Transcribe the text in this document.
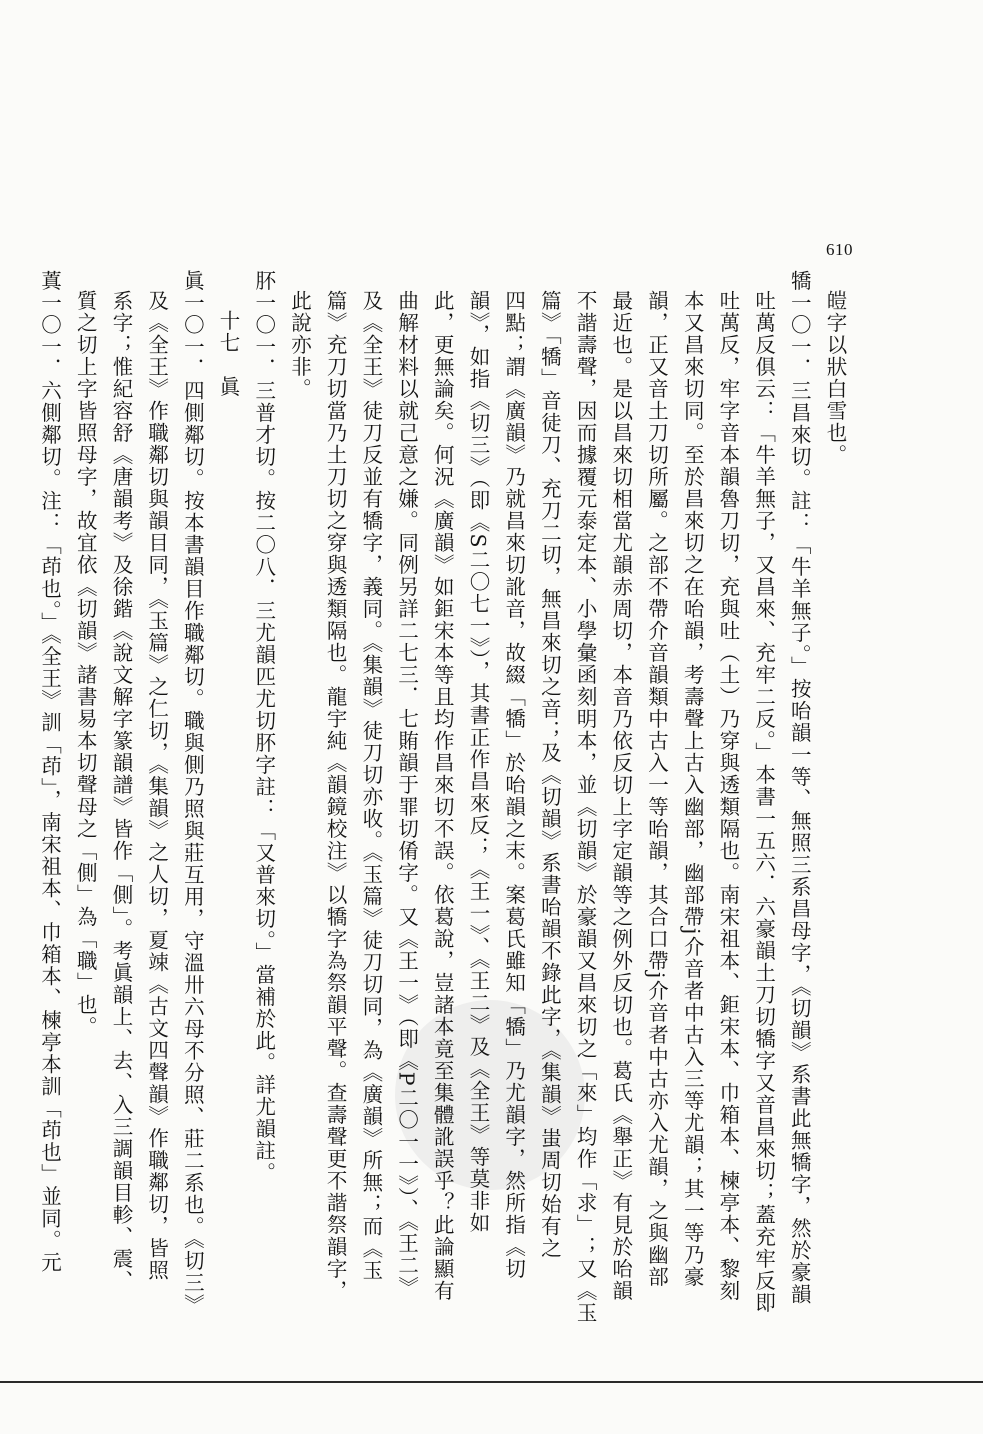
610
皚字以狀白雪也。
犞一〇一．三昌來切。註：「牛羊無子。」按咍韻一等、無照三系昌母字，《切韻》系書此無犞字，然於豪韻
吐萬反俱云：「牛羊無子，又昌來、充牢二反。」本書一五六．六豪韻土刀切犞字又音昌來切；蓋充牢反即
吐萬反，牢字音本韻魯刀切，充與吐（土）乃穿與透類隔也。南宋祖本、鉅宋本、巾箱本、楝亭本、黎刻
本又昌來切同。至於昌來切之在咍韻，考壽聲上古入幽部，幽部帶j介音者中古入三等尤韻；其一等乃豪
韻，正又音土刀切所屬。之部不帶介音韻類中古入一等咍韻，其合口帶j介音者中古亦入尤韻，之與幽部
最近也。是以昌來切相當尤韻赤周切，本音乃依反切上字定韻等之例外反切也。葛氏《舉正》有見於咍韻
不諧壽聲，因而據覆元泰定本、小學彙函刻明本，並《切韻》於豪韻又昌來切之「來」均作「求」；又《玉
篇》「犞」音徒刀、充刀二切，無昌來切之音；及《切韻》系書咍韻不錄此字，《集韻》蚩周切始有之
四點；謂《廣韻》乃就昌來切訛音，故綴「犞」於咍韻之末。案葛氏雖知「犞」乃尤韻字，然所指《切
韻》，如指《切三》（即《S二〇七一》），其書正作昌來反；《王一》、《王二》及《全王》等莫非如
此，更無論矣。何況《廣韻》如鉅宋本等且均作昌來切不誤。依葛說，豈諸本竟至集體訛誤乎？此論顯有
曲解材料以就己意之嫌。同例另詳二七三．七賄韻于罪切倄字。又《王一》（即《P二〇一一》）、《王二》
及《全王》徒刀反並有犞字，義同。《集韻》徒刀切亦收。《玉篇》徒刀切同，為《廣韻》所無；而《玉
篇》充刀切當乃土刀切之穿與透類隔也。龍宇純《韻鏡校注》以犞字為祭韻平聲。查壽聲更不諧祭韻字，
此說亦非。
肧一〇一．三普才切。按二〇八．三尤韻匹尤切肧字註：「又普來切。」當補於此。詳尤韻註。
十七　眞
眞一〇一．四側鄰切。按本書韻目作職鄰切。職與側乃照與莊互用，守溫卅六母不分照、莊二系也。《切三》
及《全王》作職鄰切與韻目同，《玉篇》之仁切，《集韻》之人切，夏竦《古文四聲韻》作職鄰切，皆照
系字；惟紀容舒《唐韻考》及徐鍇《說文解字篆韻譜》皆作「側」。考眞韻上、去、入三調韻目軫、震、
質之切上字皆照母字，故宜依《切韻》諸書易本切聲母之「側」為「職」也。
蒖一〇一．六側鄰切。注：「茚也。」《全王》訓「茚」，南宋祖本、巾箱本、楝亭本訓「茚也」並同。元
